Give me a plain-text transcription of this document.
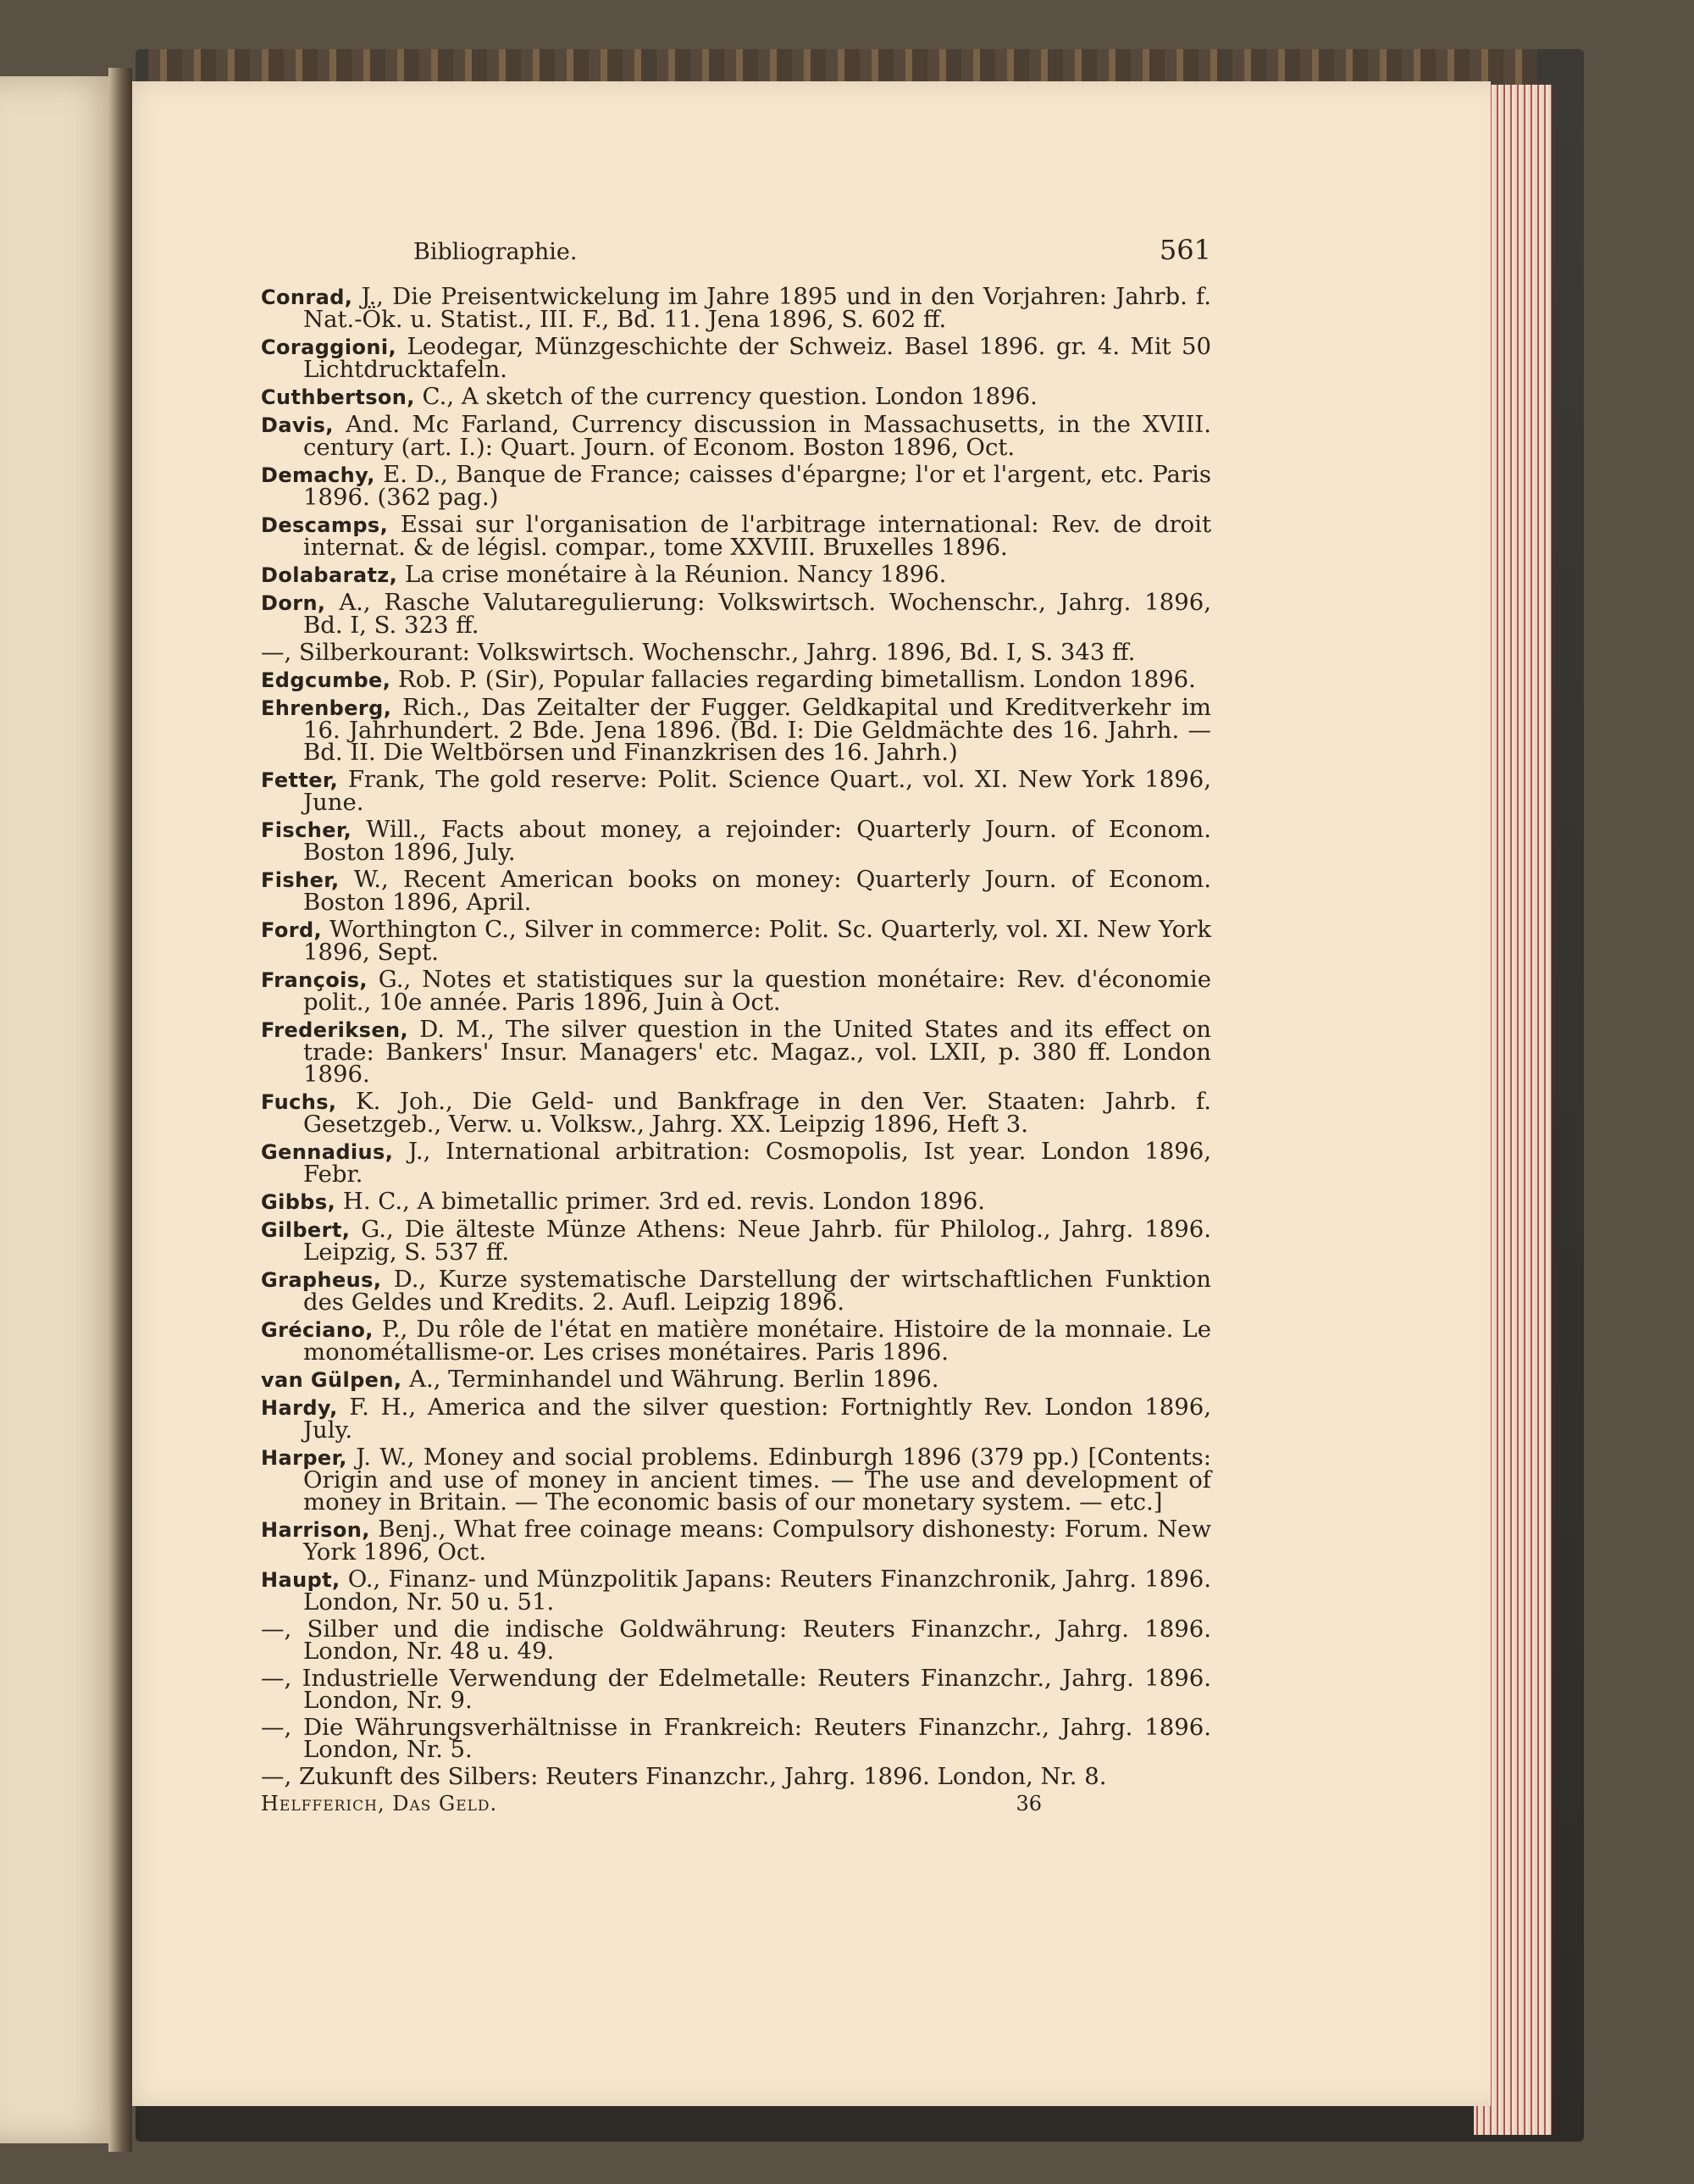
Bibliographie.	561
Conrad, J., Die Preisentwickelung im Jahre 1895 und in den Vorjahren: Jahrb. f. Nat.-Ök. u. Statist., III. F., Bd. 11. Jena 1896, S. 602 ff.
Coraggioni, Leodegar, Münzgeschichte der Schweiz. Basel 1896. gr. 4. Mit 50 Lichtdrucktafeln.
Cuthbertson, C., A sketch of the currency question. London 1896.
Davis, And. Mc Farland, Currency discussion in Massachusetts, in the XVIII. century (art. I.): Quart. Journ. of Econom. Boston 1896, Oct.
Demachy, E. D., Banque de France; caisses d'épargne; l'or et l'argent, etc. Paris 1896. (362 pag.)
Descamps, Essai sur l'organisation de l'arbitrage international: Rev. de droit internat. & de législ. compar., tome XXVIII. Bruxelles 1896.
Dolabaratz, La crise monétaire à la Réunion. Nancy 1896.
Dorn, A., Rasche Valutaregulierung: Volkswirtsch. Wochenschr., Jahrg. 1896, Bd. I, S. 323 ff.
—, Silberkourant: Volkswirtsch. Wochenschr., Jahrg. 1896, Bd. I, S. 343 ff.
Edgcumbe, Rob. P. (Sir), Popular fallacies regarding bimetallism. London 1896.
Ehrenberg, Rich., Das Zeitalter der Fugger. Geldkapital und Kreditverkehr im 16. Jahrhundert. 2 Bde. Jena 1896. (Bd. I: Die Geldmächte des 16. Jahrh. — Bd. II. Die Weltbörsen und Finanzkrisen des 16. Jahrh.)
Fetter, Frank, The gold reserve: Polit. Science Quart., vol. XI. New York 1896, June.
Fischer, Will., Facts about money, a rejoinder: Quarterly Journ. of Econom. Boston 1896, July.
Fisher, W., Recent American books on money: Quarterly Journ. of Econom. Boston 1896, April.
Ford, Worthington C., Silver in commerce: Polit. Sc. Quarterly, vol. XI. New York 1896, Sept.
François, G., Notes et statistiques sur la question monétaire: Rev. d'économie polit., 10e année. Paris 1896, Juin à Oct.
Frederiksen, D. M., The silver question in the United States and its effect on trade: Bankers' Insur. Managers' etc. Magaz., vol. LXII, p. 380 ff. London 1896.
Fuchs, K. Joh., Die Geld- und Bankfrage in den Ver. Staaten: Jahrb. f. Gesetzgeb., Verw. u. Volksw., Jahrg. XX. Leipzig 1896, Heft 3.
Gennadius, J., International arbitration: Cosmopolis, Ist year. London 1896, Febr.
Gibbs, H. C., A bimetallic primer. 3rd ed. revis. London 1896.
Gilbert, G., Die älteste Münze Athens: Neue Jahrb. für Philolog., Jahrg. 1896. Leipzig, S. 537 ff.
Grapheus, D., Kurze systematische Darstellung der wirtschaftlichen Funktion des Geldes und Kredits. 2. Aufl. Leipzig 1896.
Gréciano, P., Du rôle de l'état en matière monétaire. Histoire de la monnaie. Le monométallisme-or. Les crises monétaires. Paris 1896.
van Gülpen, A., Terminhandel und Währung. Berlin 1896.
Hardy, F. H., America and the silver question: Fortnightly Rev. London 1896, July.
Harper, J. W., Money and social problems. Edinburgh 1896 (379 pp.) [Contents: Origin and use of money in ancient times. — The use and development of money in Britain. — The economic basis of our monetary system. — etc.]
Harrison, Benj., What free coinage means: Compulsory dishonesty: Forum. New York 1896, Oct.
Haupt, O., Finanz- und Münzpolitik Japans: Reuters Finanzchronik, Jahrg. 1896. London, Nr. 50 u. 51.
—, Silber und die indische Goldwährung: Reuters Finanzchr., Jahrg. 1896. London, Nr. 48 u. 49.
—, Industrielle Verwendung der Edelmetalle: Reuters Finanzchr., Jahrg. 1896. London, Nr. 9.
—, Die Währungsverhältnisse in Frankreich: Reuters Finanzchr., Jahrg. 1896. London, Nr. 5.
—, Zukunft des Silbers: Reuters Finanzchr., Jahrg. 1896. London, Nr. 8.
Helfferich, Das Geld.	36
